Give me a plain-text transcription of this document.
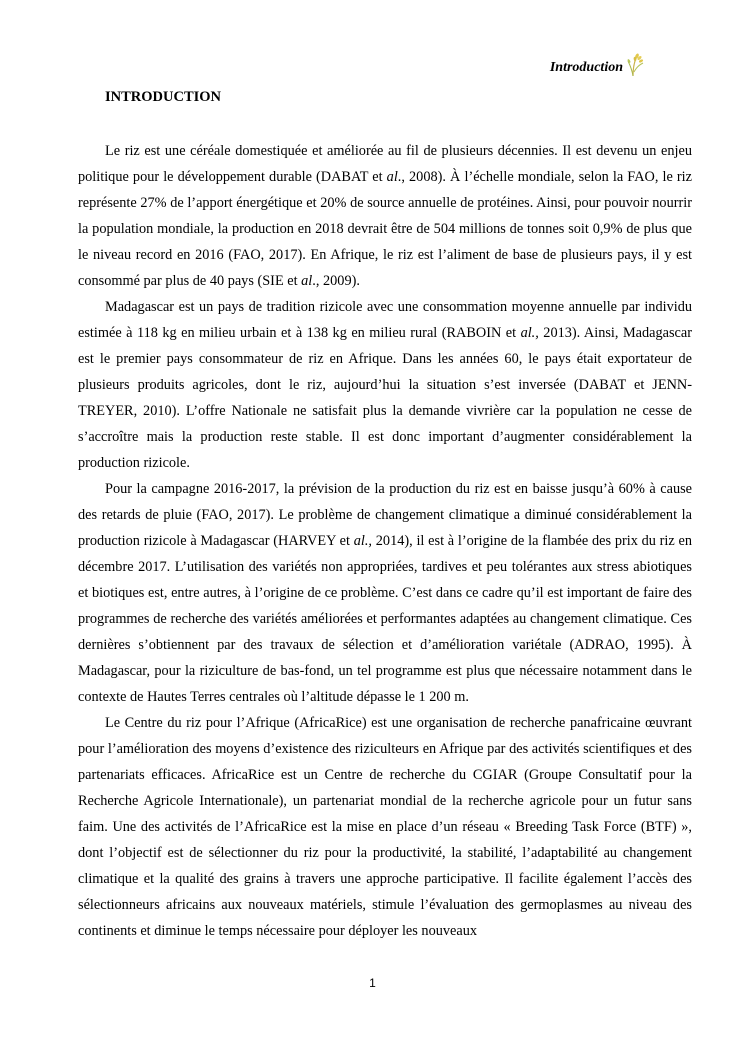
Introduction
INTRODUCTION

Le riz est une céréale domestiquée et améliorée au fil de plusieurs décennies. Il est devenu un enjeu politique pour le développement durable (DABAT et al., 2008). À l’échelle mondiale, selon la FAO, le riz représente 27% de l’apport énergétique et 20% de source annuelle de protéines. Ainsi, pour pouvoir nourrir la population mondiale, la production en 2018 devrait être de 504 millions de tonnes soit 0,9% de plus que le niveau record en 2016 (FAO, 2017). En Afrique, le riz est l’aliment de base de plusieurs pays, il y est consommé par plus de 40 pays (SIE et al., 2009).

Madagascar est un pays de tradition rizicole avec une consommation moyenne annuelle par individu estimée à 118 kg en milieu urbain et à 138 kg en milieu rural (RABOIN et al., 2013). Ainsi, Madagascar est le premier pays consommateur de riz en Afrique. Dans les années 60, le pays était exportateur de plusieurs produits agricoles, dont le riz, aujourd’hui la situation s’est inversée (DABAT et JENN-TREYER, 2010). L’offre Nationale ne satisfait plus la demande vivrière car la population ne cesse de s’accroître mais la production reste stable. Il est donc important d’augmenter considérablement la production rizicole.

Pour la campagne 2016-2017, la prévision de la production du riz est en baisse jusqu’à 60% à cause des retards de pluie (FAO, 2017). Le problème de changement climatique a diminué considérablement la production rizicole à Madagascar (HARVEY et al., 2014), il est à l’origine de la flambée des prix du riz en décembre 2017. L’utilisation des variétés non appropriées, tardives et peu tolérantes aux stress abiotiques et biotiques est, entre autres, à l’origine de ce problème. C’est dans ce cadre qu’il est important de faire des programmes de recherche des variétés améliorées et performantes adaptées au changement climatique. Ces dernières s’obtiennent par des travaux de sélection et d’amélioration variétale (ADRAO, 1995). À Madagascar, pour la riziculture de bas-fond, un tel programme est plus que nécessaire notamment dans le contexte de Hautes Terres centrales où l’altitude dépasse le 1 200 m.

Le Centre du riz pour l’Afrique (AfricaRice) est une organisation de recherche panafricaine œuvrant pour l’amélioration des moyens d’existence des riziculteurs en Afrique par des activités scientifiques et des partenariats efficaces. AfricaRice est un Centre de recherche du CGIAR (Groupe Consultatif pour la Recherche Agricole Internationale), un partenariat mondial de la recherche agricole pour un futur sans faim. Une des activités de l’AfricaRice est la mise en place d’un réseau « Breeding Task Force (BTF) », dont l’objectif est de sélectionner du riz pour la productivité, la stabilité, l’adaptabilité au changement climatique et la qualité des grains à travers une approche participative. Il facilite également l’accès des sélectionneurs africains aux nouveaux matériels, stimule l’évaluation des germoplasmes au niveau des continents et diminue le temps nécessaire pour déployer les nouveaux

1
